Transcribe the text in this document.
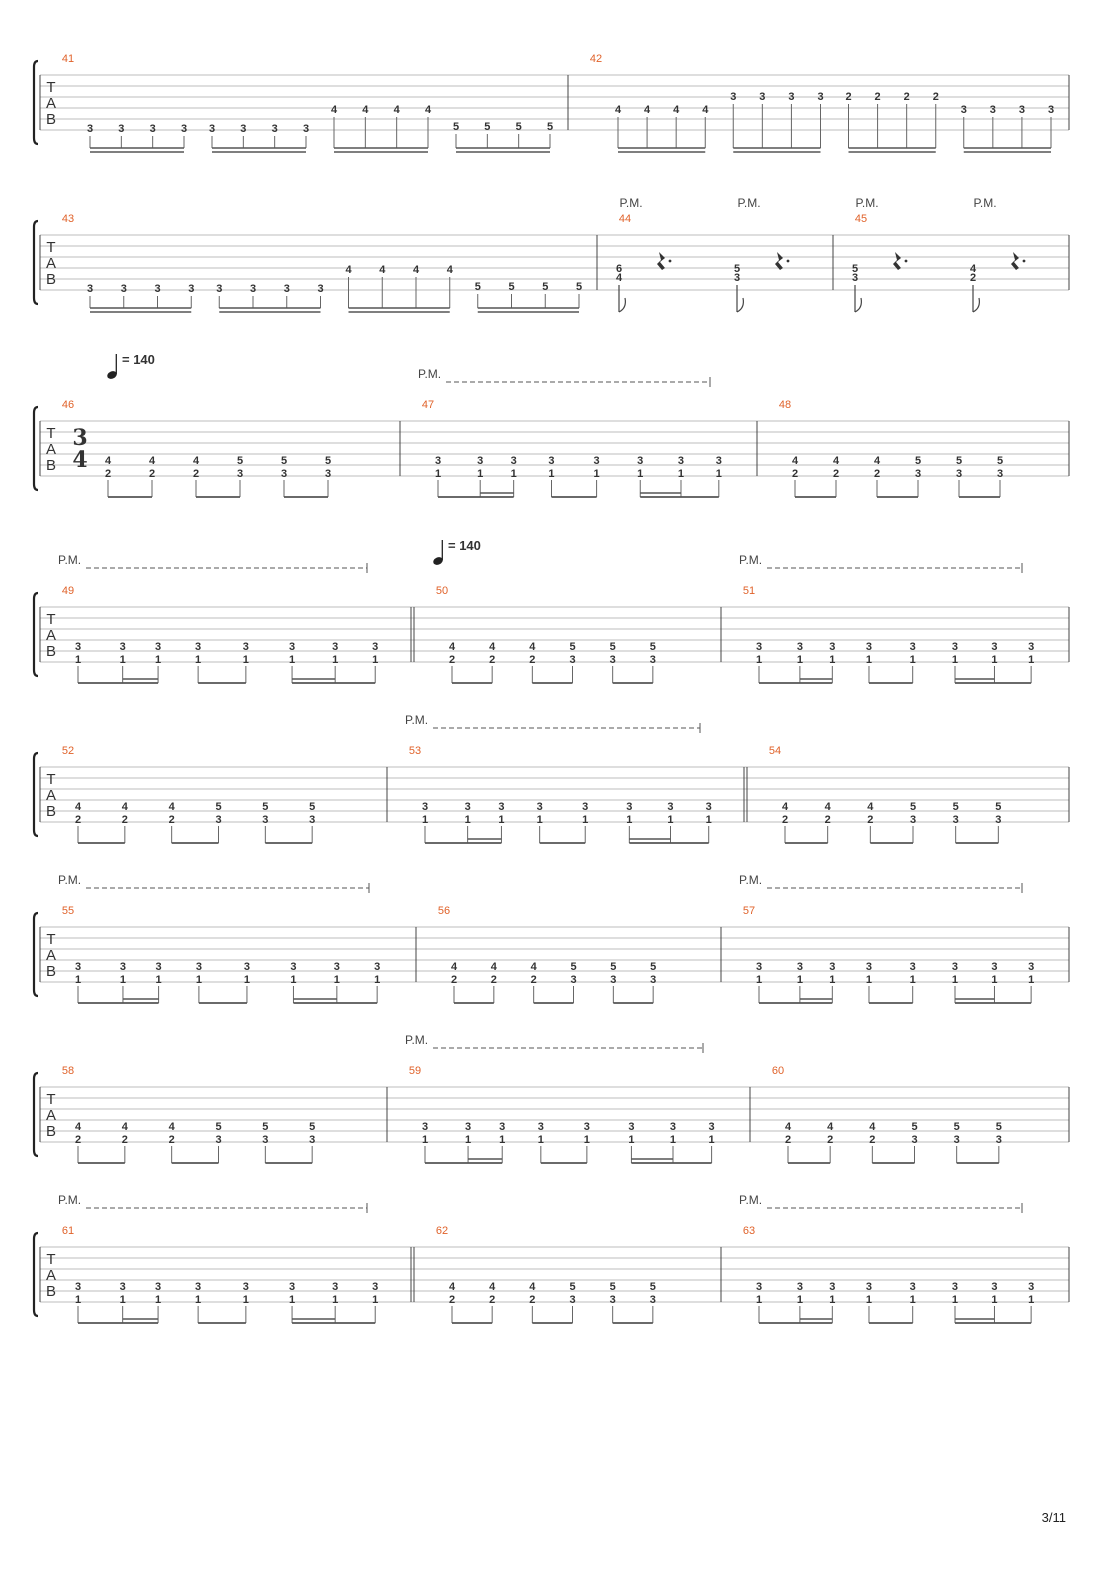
T
A
B
41
3 3 3 3 3 3 3 3
4 4 4 4
5 5 5 5
42
4 4 4 4
3 3 3 3 2 2 2 2
3 3 3 3
T
A
B
43
3	3	3	3 3	3	3	3
4	4	4	4
5	5	5	5
44
P.M.
6
4
P.M.
5
3
45
P.M.
5
3
P.M.
4
2
T
A
B
46
4
2
4
2
4
2
5
3
5
3
5
3
3
4
47
3
1
3
1
3
1
3
1
3
1
3
1
3
1
3
1
48
4
2
4
2
4
2
5
3
5
3
5
3
P.M.
= 140
T
A
B
49
3
1
3
1
3
1
3
1
3
1
3
1
3
1
3
1
50
4
2
4
2
4
2
5
3
5
3
5
3
51
3
1
3
1
3
1
3
1
3
1
3
1
3
1
3
1
P.M.	P.M.
= 140
T
A
B
52
4
2
4
2
4
2
5
3
5
3
5
3
53
3
1
3
1
3
1
3
1
3
1
3
1
3
1
3
1
54
4
2
4
2
4
2
5
3
5
3
5
3
P.M.
T
A
B
55
3
1
3
1
3
1
3
1
3
1
3
1
3
1
3
1
56
4
2
4
2
4
2
5
3
5
3
5
3
57
3
1
3
1
3
1
3
1
3
1
3
1
3
1
3
1
P.M.	P.M.
T
A
B
58
4
2
4
2
4
2
5
3
5
3
5
3
59
3
1
3
1
3
1
3
1
3
1
3
1
3
1
3
1
60
4
2
4
2
4
2
5
3
5
3
5
3
P.M.
T
A
B
61
3
1
3
1
3
1
3
1
3
1
3
1
3
1
3
1
62
4
2
4
2
4
2
5
3
5
3
5
3
63
3
1
3
1
3
1
3
1
3
1
3
1
3
1
3
1
P.M.	P.M.
3/11
